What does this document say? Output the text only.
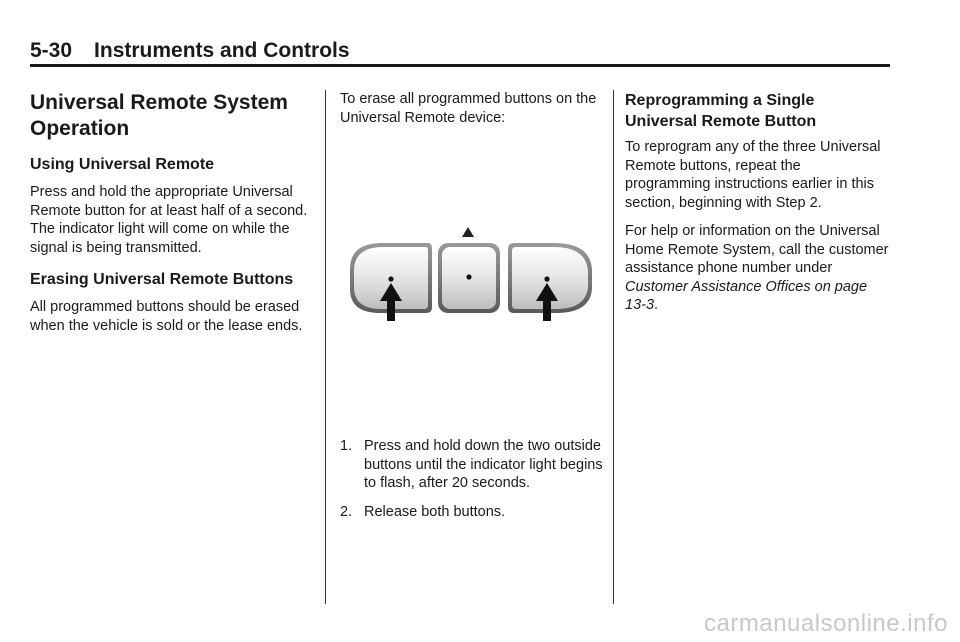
5-30 Instruments and Controls
Universal Remote System Operation
Using Universal Remote

Press and hold the appropriate Universal Remote button for at least half of a second. The indicator light will come on while the signal is being transmitted.

Erasing Universal Remote Buttons

All programmed buttons should be erased when the vehicle is sold or the lease ends.

To erase all programmed buttons on the Universal Remote device:

1. Press and hold down the two outside buttons until the indicator light begins to flash, after 20 seconds.
2. Release both buttons.
Reprogramming a Single Universal Remote Button

To reprogram any of the three Universal Remote buttons, repeat the programming instructions earlier in this section, beginning with Step 2.

For help or information on the Universal Home Remote System, call the customer assistance phone number under Customer Assistance Offices on page 13-3.

carmanualsonline.info
